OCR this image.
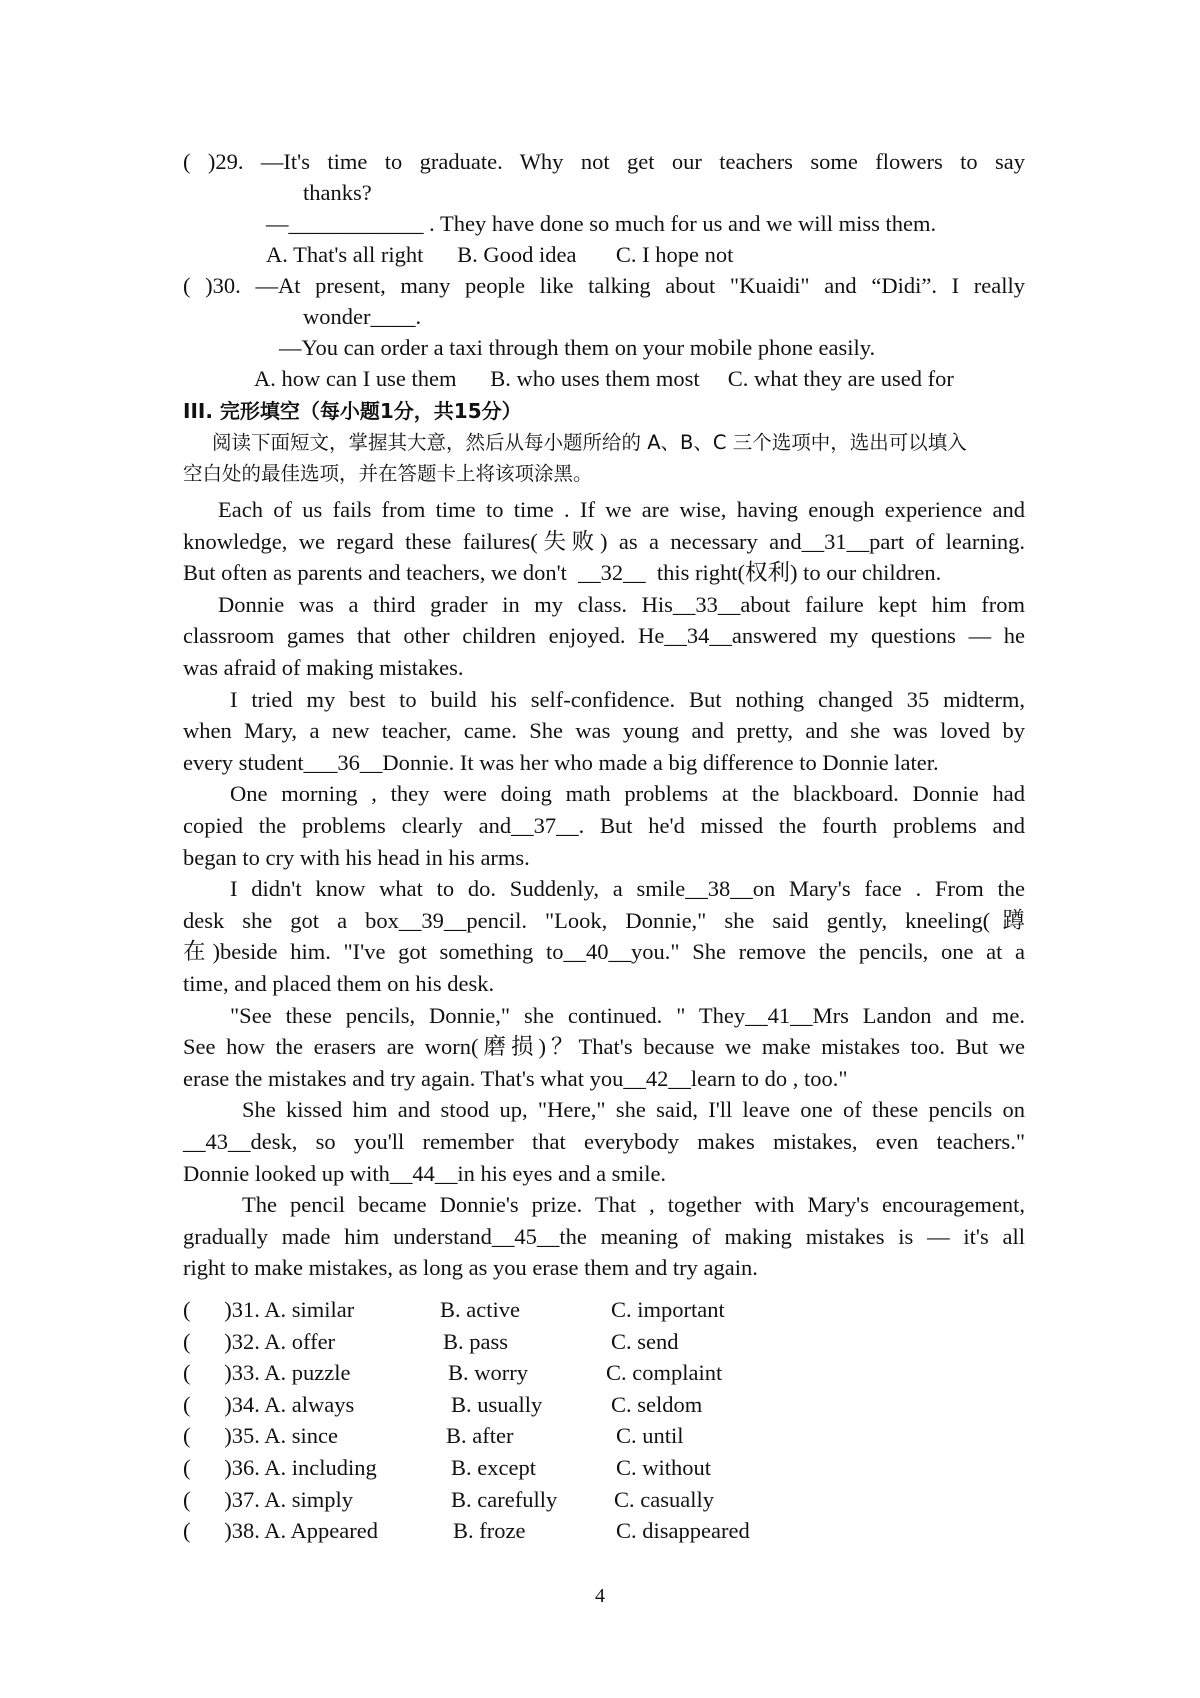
( )29. —It's time to graduate. Why not get our teachers some flowers to say
thanks?
—____________ . They have done so much for us and we will miss them.
A. That's all right      B. Good idea       C. I hope not
( )30. —At present, many people like talking about "Kuaidi" and “Didi”. I really
wonder____.
—You can order a taxi through them on your mobile phone easily.
A. how can I use them      B. who uses them most     C. what they are used for
III. 完形填空（每小题1分，共15分）
阅读下面短文，掌握其大意，然后从每小题所给的 A、B、C 三个选项中，选出可以填入
空白处的最佳选项，并在答题卡上将该项涂黑。
Each of us fails from time to time . If we are wise, having enough experience and
knowledge, we regard these failures(失败) as a necessary and__31__part of learning.
But often as parents and teachers, we don't  __32__  this right(权利) to our children.
Donnie was a third grader in my class. His__33__about failure kept him from
classroom games that other children enjoyed. He__34__answered my questions — he
was afraid of making mistakes.
I tried my best to build his self-confidence. But nothing changed 35 midterm,
when Mary, a new teacher, came. She was young and pretty, and she was loved by
every student___36__Donnie. It was her who made a big difference to Donnie later.
One morning , they were doing math problems at the blackboard. Donnie had
copied the problems clearly and__37__. But he'd missed the fourth problems and
began to cry with his head in his arms.
I didn't know what to do. Suddenly, a smile__38__on Mary's face . From the
desk she got a box__39__pencil. "Look, Donnie," she said gently, kneeling(蹲
在)beside him. "I've got something to__40__you." She remove the pencils, one at a
time, and placed them on his desk.
"See these pencils, Donnie," she continued. " They__41__Mrs Landon and me.
See how the erasers are worn(磨损)？That's because we make mistakes too. But we
erase the mistakes and try again. That's what you__42__learn to do , too."
She kissed him and stood up, "Here," she said, I'll leave one of these pencils on
__43__desk, so you'll remember that everybody makes mistakes, even teachers."
Donnie looked up with__44__in his eyes and a smile.
The pencil became Donnie's prize. That , together with Mary's encouragement,
gradually made him understand__45__the meaning of making mistakes is — it's all
right to make mistakes, as long as you erase them and try again.
(      )31. A. similar	B. active	C. important
(      )32. A. offer	B. pass	C. send
(      )33. A. puzzle	B. worry	C. complaint
(      )34. A. always	B. usually	C. seldom
(      )35. A. since	B. after	C. until
(      )36. A. including	B. except	C. without
(      )37. A. simply	B. carefully	C. casually
(      )38. A. Appeared	B. froze	C. disappeared
4
